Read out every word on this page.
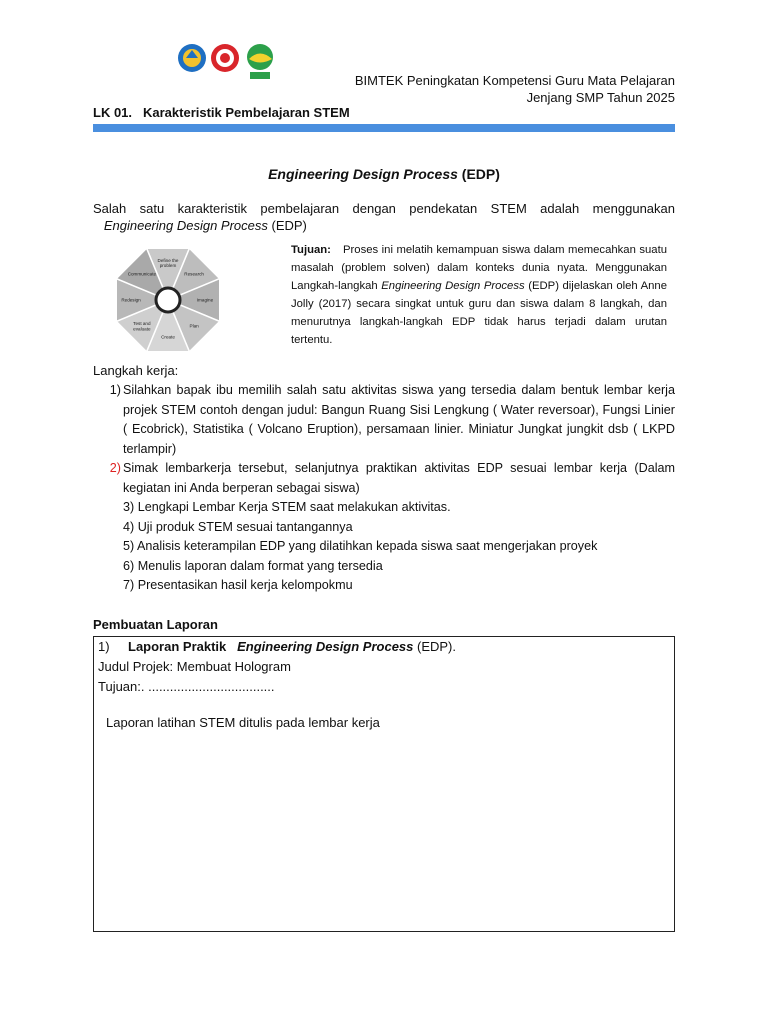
BIMTEK Peningkatan Kompetensi Guru Mata Pelajaran
Jenjang SMP Tahun 2025
LK 01. Karakteristik Pembelajaran STEM
Engineering Design Process (EDP)
Salah satu karakteristik pembelajaran dengan pendekatan STEM adalah menggunakan    Engineering Design Process (EDP)
Define the problem
Research
Imagine
Plan
Create
Test and evaluate
Redesign
Communicate
Tujuan: Proses ini melatih kemampuan siswa dalam memecahkan suatu masalah (problem solven) dalam konteks dunia nyata. Menggunakan Langkah-langkah Engineering Design Process (EDP) dijelaskan oleh Anne Jolly (2017) secara singkat untuk guru dan siswa dalam 8 langkah, dan menurutnya langkah-langkah EDP tidak harus terjadi dalam urutan tertentu.
Langkah kerja:
1) Silahkan bapak ibu memilih salah satu aktivitas siswa yang tersedia dalam bentuk lembar kerja projek STEM contoh dengan judul: Bangun Ruang Sisi Lengkung ( Water reversoar), Fungsi Linier ( Ecobrick), Statistika ( Volcano Eruption), persamaan linier. Miniatur Jungkat jungkit dsb ( LKPD terlampir)
2) Simak lembarkerja tersebut, selanjutnya praktikan aktivitas EDP sesuai lembar kerja (Dalam kegiatan ini Anda berperan sebagai siswa)
3) Lengkapi Lembar Kerja STEM saat melakukan aktivitas.
4) Uji produk STEM sesuai tantangannya
5) Analisis keterampilan EDP yang dilatihkan kepada siswa saat mengerjakan proyek
6) Menulis laporan dalam format yang tersedia
7) Presentasikan hasil kerja kelompokmu
Pembuatan Laporan
1) Laporan Praktik Engineering Design Process (EDP).
Judul Projek: Membuat Hologram
Tujuan:. ...................................
Laporan latihan STEM ditulis pada lembar kerja
